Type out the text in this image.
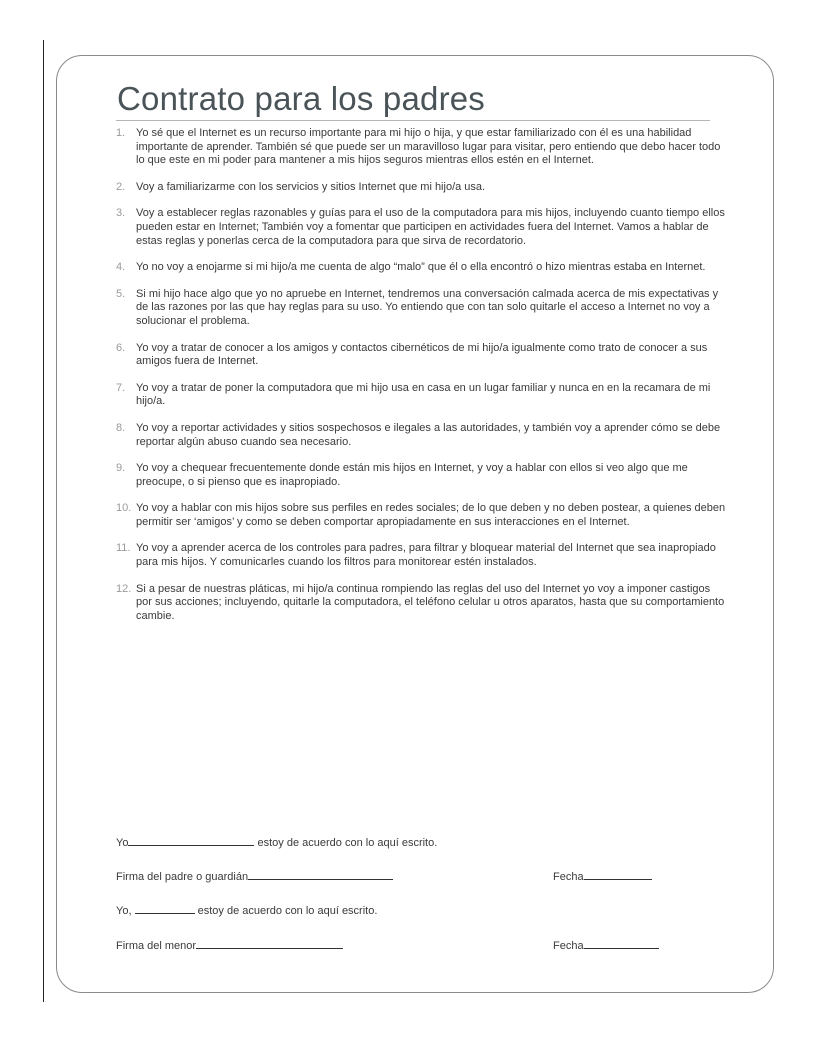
Contrato para los padres
1. Yo sé que el Internet es un recurso importante para mi hijo o hija, y que estar familiarizado con él es una habilidad importante de aprender. También sé que puede ser un maravilloso lugar para visitar, pero entiendo que debo hacer todo lo que este en mi poder para mantener a mis hijos seguros mientras ellos estén en el Internet.
2. Voy a familiarizarme con los servicios y sitios Internet que mi hijo/a usa.
3. Voy a establecer reglas razonables y guías para el uso de la computadora para mis hijos, incluyendo cuanto tiempo ellos pueden estar en Internet; También voy a fomentar que participen en actividades fuera del Internet. Vamos a hablar de estas reglas y ponerlas cerca de la computadora para que sirva de recordatorio.
4. Yo no voy a enojarme si mi hijo/a me cuenta de algo “malo” que él o ella encontró o hizo mientras estaba en Internet.
5. Si mi hijo hace algo que yo no apruebe en Internet, tendremos una conversación calmada acerca de mis expectativas y de las razones por las que hay reglas para su uso. Yo entiendo que con tan solo quitarle el acceso a Internet no voy a solucionar el problema.
6. Yo voy a tratar de conocer a los amigos y contactos cibernéticos de mi hijo/a igualmente como trato de conocer a sus amigos fuera de Internet.
7. Yo voy a tratar de poner la computadora que mi hijo usa en casa en un lugar familiar y nunca en en la recamara de mi hijo/a.
8. Yo voy a reportar actividades y sitios sospechosos e ilegales a las autoridades, y también voy a aprender cómo se debe reportar algún abuso cuando sea necesario.
9. Yo voy a chequear frecuentemente donde están mis hijos en Internet, y voy a hablar con ellos si veo algo que me preocupe, o si pienso que es inapropiado.
10. Yo voy a hablar con mis hijos sobre sus perfiles en redes sociales; de lo que deben y no deben postear, a quienes deben permitir ser ‘amigos’ y como se deben comportar apropiadamente en sus interacciones en el Internet.
11. Yo voy a aprender acerca de los controles para padres, para filtrar y bloquear material del Internet que sea inapropiado para mis hijos. Y comunicarles cuando los filtros para monitorear estén instalados.
12. Si a pesar de nuestras pláticas, mi hijo/a continua rompiendo las reglas del uso del Internet yo voy a imponer castigos por sus acciones; incluyendo, quitarle la computadora, el teléfono celular u otros aparatos, hasta que su comportamiento cambie.
Yo	estoy de acuerdo con lo aquí escrito.
Firma del padre o guardián	Fecha
Yo,	estoy de acuerdo con lo aquí escrito.
Firma del menor	Fecha
